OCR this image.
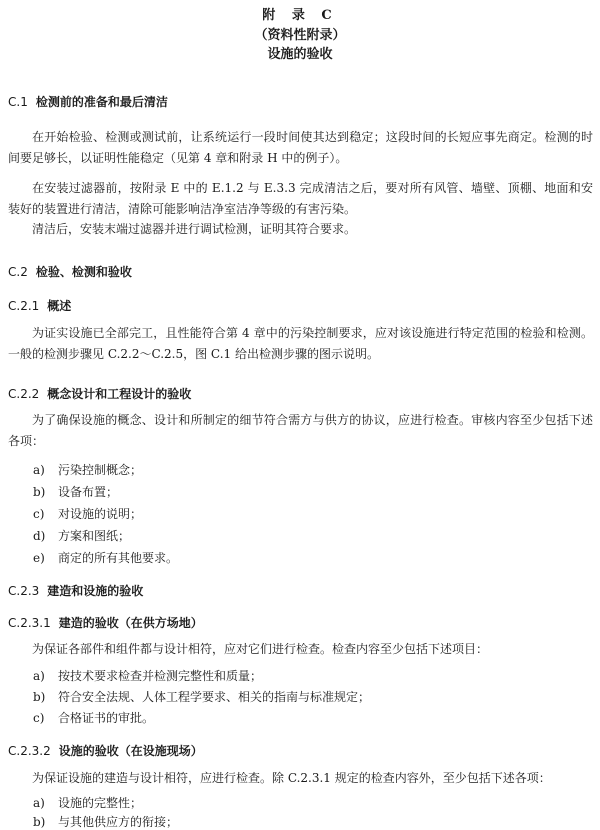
附 录 C
（资料性附录）
设施的验收
C.1 检测前的准备和最后清洁
在开始检验、检测或测试前，让系统运行一段时间使其达到稳定；这段时间的长短应事先商定。检测的时间要足够长，以证明性能稳定（见第 4 章和附录 H 中的例子）。
在安装过滤器前，按附录 E 中的 E.1.2 与 E.3.3 完成清洁之后，要对所有风管、墙壁、顶棚、地面和安装好的装置进行清洁，清除可能影响洁净室洁净等级的有害污染。
清洁后，安装末端过滤器并进行调试检测，证明其符合要求。
C.2 检验、检测和验收
C.2.1 概述
为证实设施已全部完工，且性能符合第 4 章中的污染控制要求，应对该设施进行特定范围的检验和检测。一般的检测步骤见 C.2.2～C.2.5，图 C.1 给出检测步骤的图示说明。
C.2.2 概念设计和工程设计的验收
为了确保设施的概念、设计和所制定的细节符合需方与供方的协议，应进行检查。审核内容至少包括下述各项：
a) 污染控制概念；
b) 设备布置；
c) 对设施的说明；
d) 方案和图纸；
e) 商定的所有其他要求。
C.2.3 建造和设施的验收
C.2.3.1 建造的验收（在供方场地）
为保证各部件和组件都与设计相符，应对它们进行检查。检查内容至少包括下述项目：
a) 按技术要求检查并检测完整性和质量；
b) 符合安全法规、人体工程学要求、相关的指南与标准规定；
c) 合格证书的审批。
C.2.3.2 设施的验收（在设施现场）
为保证设施的建造与设计相符，应进行检查。除 C.2.3.1 规定的检查内容外，至少包括下述各项：
a) 设施的完整性；
b) 与其他供应方的衔接；
